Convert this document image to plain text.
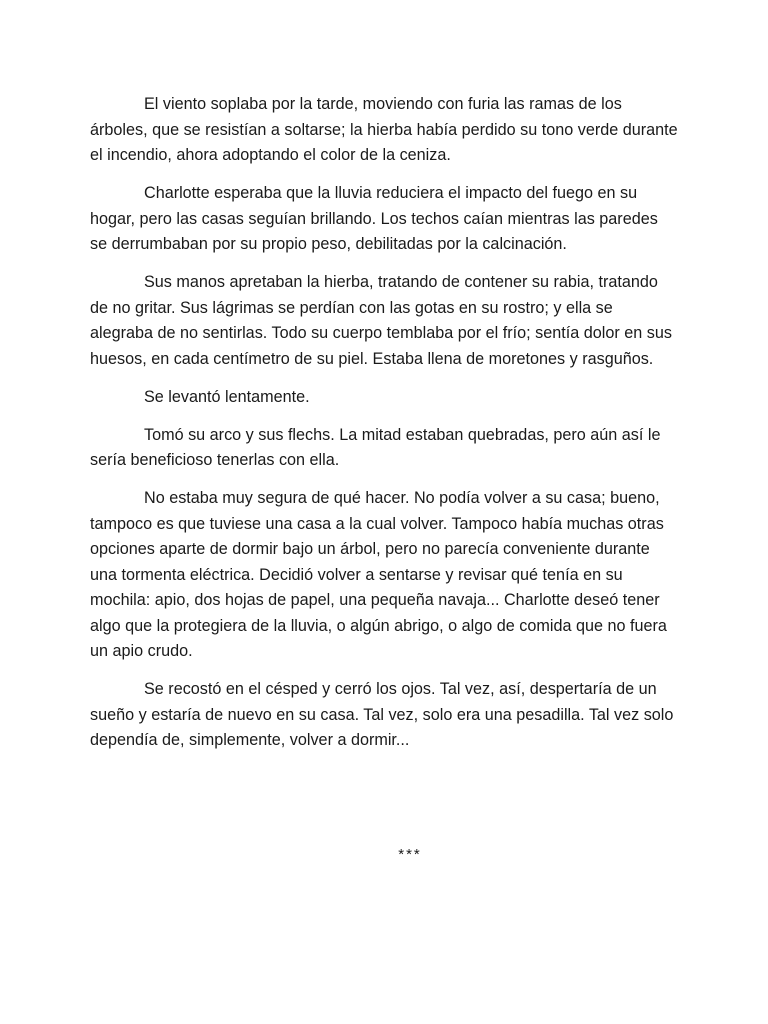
El viento soplaba por la tarde, moviendo con furia las ramas de los árboles, que se resistían a soltarse; la hierba había perdido su tono verde durante el incendio, ahora adoptando el color de la ceniza.

Charlotte esperaba que la lluvia reduciera el impacto del fuego en su hogar, pero las casas seguían brillando. Los techos caían mientras las paredes se derrumbaban por su propio peso, debilitadas por la calcinación.

Sus manos apretaban la hierba, tratando de contener su rabia, tratando de no gritar. Sus lágrimas se perdían con las gotas en su rostro; y ella se alegraba de no sentirlas. Todo su cuerpo temblaba por el frío; sentía dolor en sus huesos, en cada centímetro de su piel. Estaba llena de moretones y rasguños.

Se levantó lentamente.

Tomó su arco y sus flechs. La mitad estaban quebradas, pero aún así le sería beneficioso tenerlas con ella.

No estaba muy segura de qué hacer. No podía volver a su casa; bueno, tampoco es que tuviese una casa a la cual volver. Tampoco había muchas otras opciones aparte de dormir bajo un árbol, pero no parecía conveniente durante una tormenta eléctrica. Decidió volver a sentarse y revisar qué tenía en su mochila: apio, dos hojas de papel, una pequeña navaja... Charlotte deseó tener algo que la protegiera de la lluvia, o algún abrigo, o algo de comida que no fuera un apio crudo.

Se recostó en el césped y cerró los ojos. Tal vez, así, despertaría de un sueño y estaría de nuevo en su casa. Tal vez, solo era una pesadilla. Tal vez solo dependía de, simplemente, volver a dormir...

***
